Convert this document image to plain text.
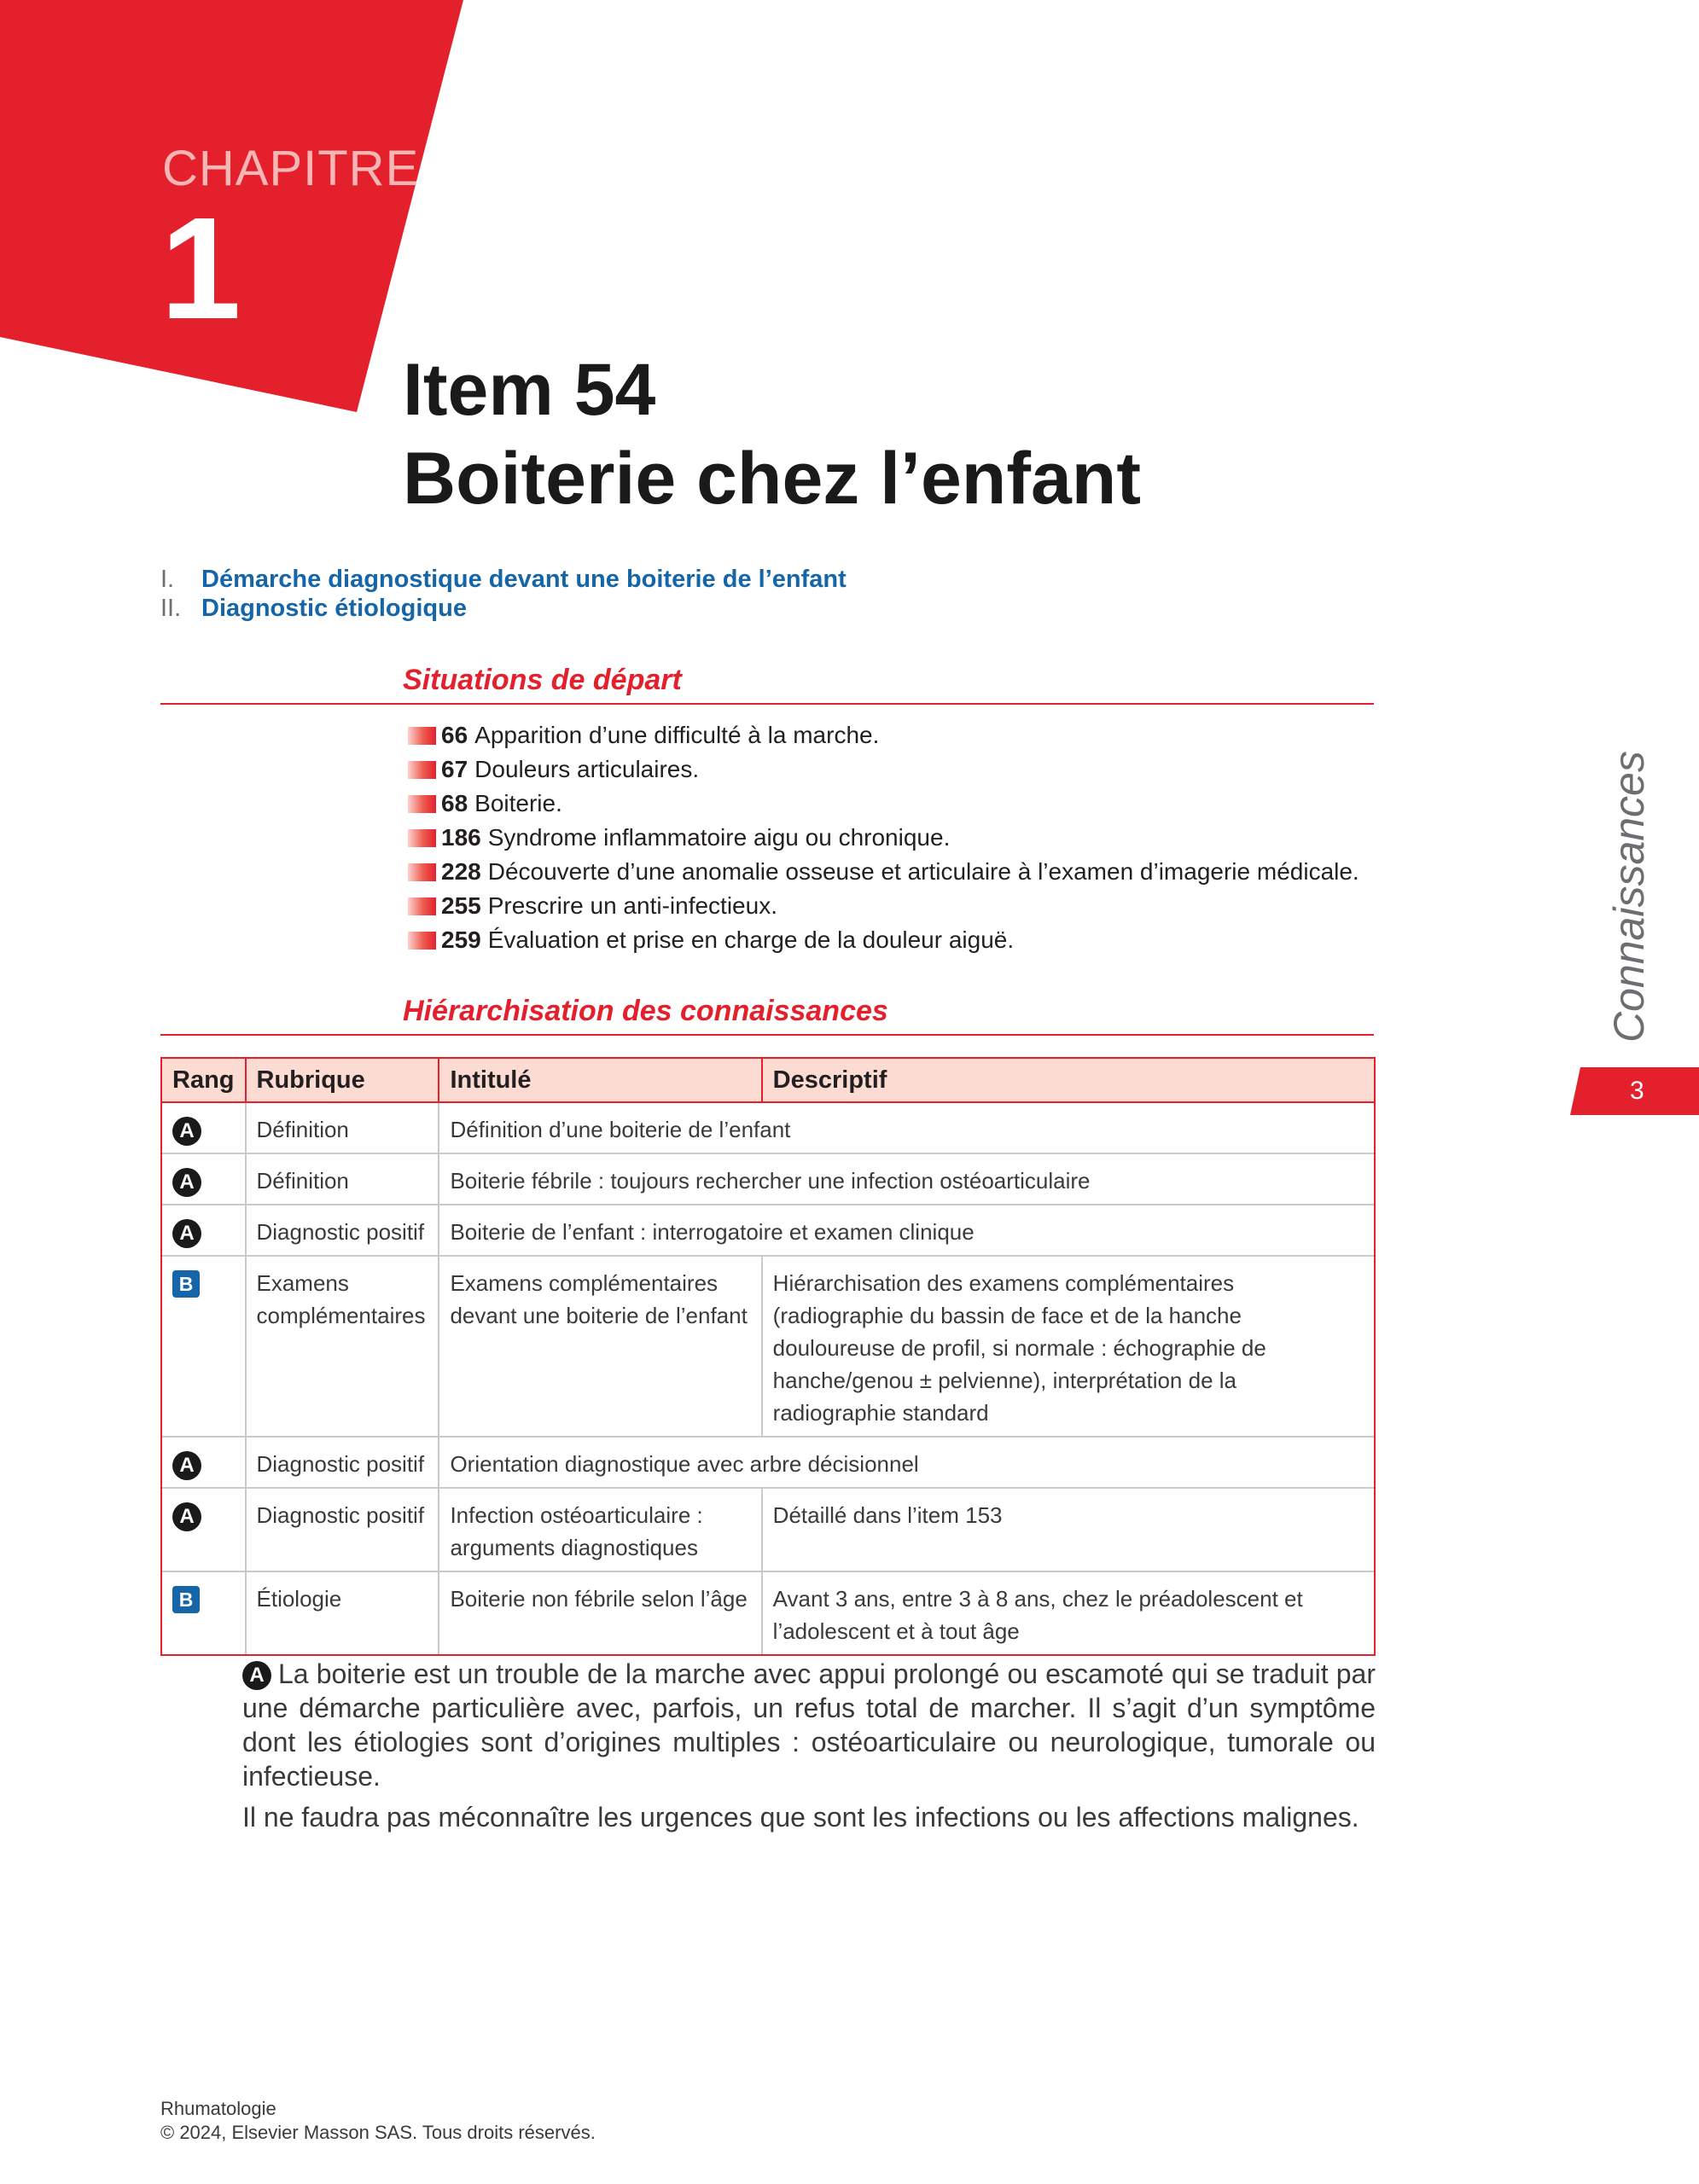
CHAPITRE
1
Item 54
Boiterie chez l’enfant
I.	Démarche diagnostique devant une boiterie de l’enfant
II. Diagnostic étiologique
Situations de départ
66 Apparition d’une difficulté à la marche.
67 Douleurs articulaires.
68 Boiterie.
186 Syndrome inflammatoire aigu ou chronique.
228 Découverte d’une anomalie osseuse et articulaire à l’examen d’imagerie médicale.
255 Prescrire un anti-infectieux.
259 Évaluation et prise en charge de la douleur aiguë.
Hiérarchisation des connaissances
Rang	Rubrique	Intitulé	Descriptif
A	Définition	Définition d’une boiterie de l’enfant	
A	Définition	Boiterie fébrile : toujours rechercher une infection ostéoarticulaire	
A	Diagnostic positif	Boiterie de l’enfant : interrogatoire et examen clinique	
B	Examens complémentaires	Examens complémentaires devant une boiterie de l’enfant	Hiérarchisation des examens complémentaires (radiographie du bassin de face et de la hanche douloureuse de profil, si normale : échographie de hanche/genou ± pelvienne), interprétation de la radiographie standard
A	Diagnostic positif	Orientation diagnostique avec arbre décisionnel	
A	Diagnostic positif	Infection ostéoarticulaire : arguments diagnostiques	Détaillé dans l’item 153
B	Étiologie	Boiterie non fébrile selon l’âge	Avant 3 ans, entre 3 à 8 ans, chez le préadolescent et l’adolescent et à tout âge

A La boiterie est un trouble de la marche avec appui prolongé ou escamoté qui se traduit par une démarche particulière avec, parfois, un refus total de marcher. Il s’agit d’un symptôme dont les étiologies sont d’origines multiples : ostéoarticulaire ou neurologique, tumorale ou infectieuse.

Il ne faudra pas méconnaître les urgences que sont les infections ou les affections malignes.

Connaissances
3
Rhumatologie
© 2024, Elsevier Masson SAS. Tous droits réservés.
